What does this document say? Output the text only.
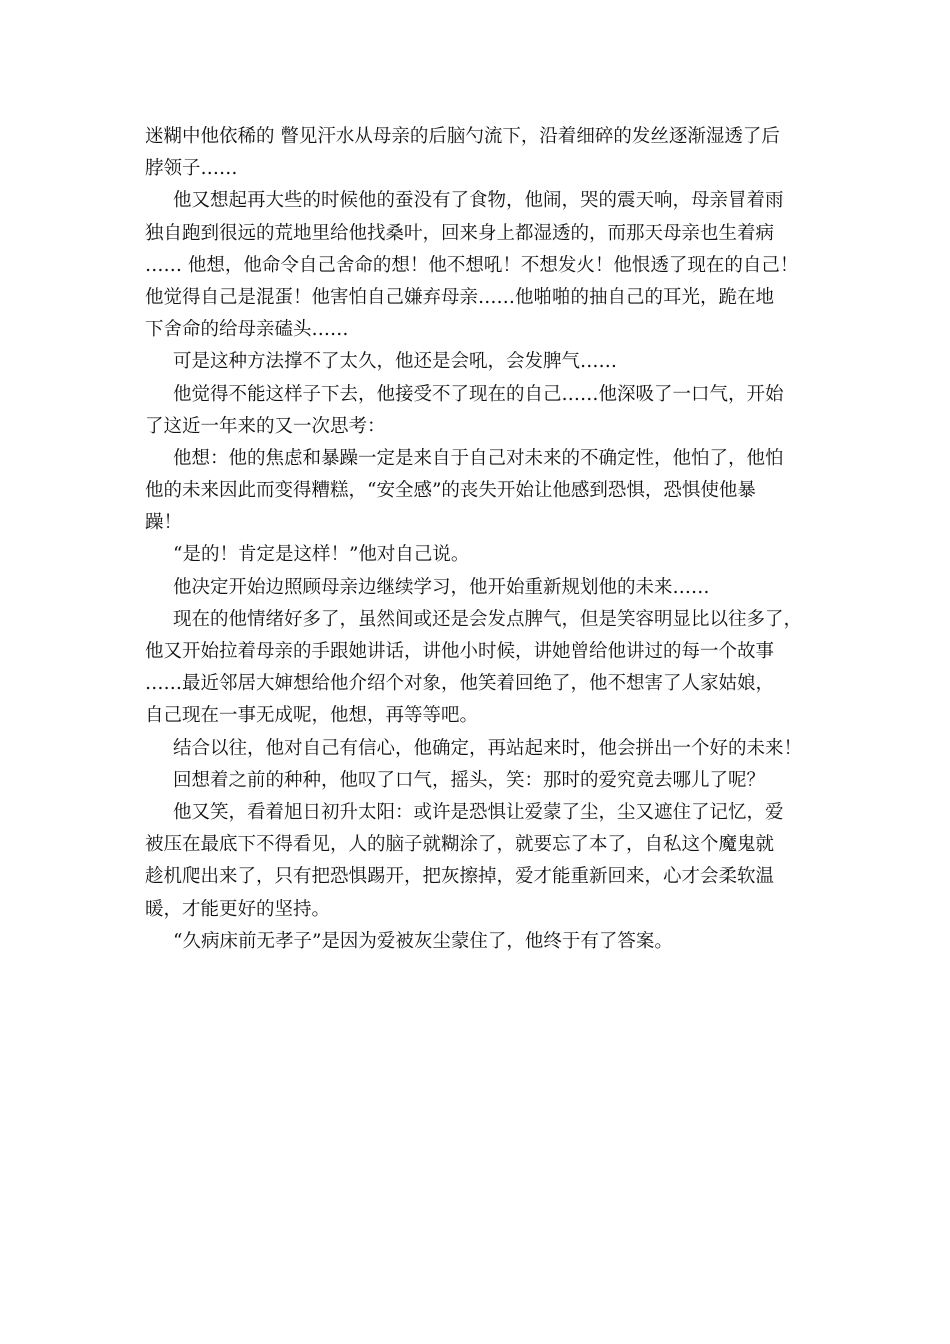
迷糊中他依稀的 瞥见汗水从母亲的后脑勺流下，沿着细碎的发丝逐渐湿透了后
脖领子……
他又想起再大些的时候他的蚕没有了食物，他闹，哭的震天响，母亲冒着雨
独自跑到很远的荒地里给他找桑叶，回来身上都湿透的，而那天母亲也生着病
…… 他想，他命令自己舍命的想！他不想吼！不想发火！他恨透了现在的自己！
他觉得自己是混蛋！他害怕自己嫌弃母亲……他啪啪的抽自己的耳光，跪在地
下舍命的给母亲磕头……
可是这种方法撑不了太久，他还是会吼，会发脾气……
他觉得不能这样子下去，他接受不了现在的自己……他深吸了一口气，开始
了这近一年来的又一次思考：
他想：他的焦虑和暴躁一定是来自于自己对未来的不确定性，他怕了，他怕
他的未来因此而变得糟糕，“安全感”的丧失开始让他感到恐惧，恐惧使他暴
躁！
“是的！肯定是这样！”他对自己说。
他决定开始边照顾母亲边继续学习，他开始重新规划他的未来……
现在的他情绪好多了，虽然间或还是会发点脾气，但是笑容明显比以往多了，
他又开始拉着母亲的手跟她讲话，讲他小时候，讲她曾给他讲过的每一个故事
……最近邻居大婶想给他介绍个对象，他笑着回绝了，他不想害了人家姑娘，
自己现在一事无成呢，他想，再等等吧。
结合以往，他对自己有信心，他确定，再站起来时，他会拼出一个好的未来！
回想着之前的种种，他叹了口气，摇头，笑：那时的爱究竟去哪儿了呢？
他又笑，看着旭日初升太阳：或许是恐惧让爱蒙了尘，尘又遮住了记忆，爱
被压在最底下不得看见，人的脑子就糊涂了，就要忘了本了，自私这个魔鬼就
趁机爬出来了，只有把恐惧踢开，把灰擦掉，爱才能重新回来，心才会柔软温
暖，才能更好的坚持。
“久病床前无孝子”是因为爱被灰尘蒙住了，他终于有了答案。
